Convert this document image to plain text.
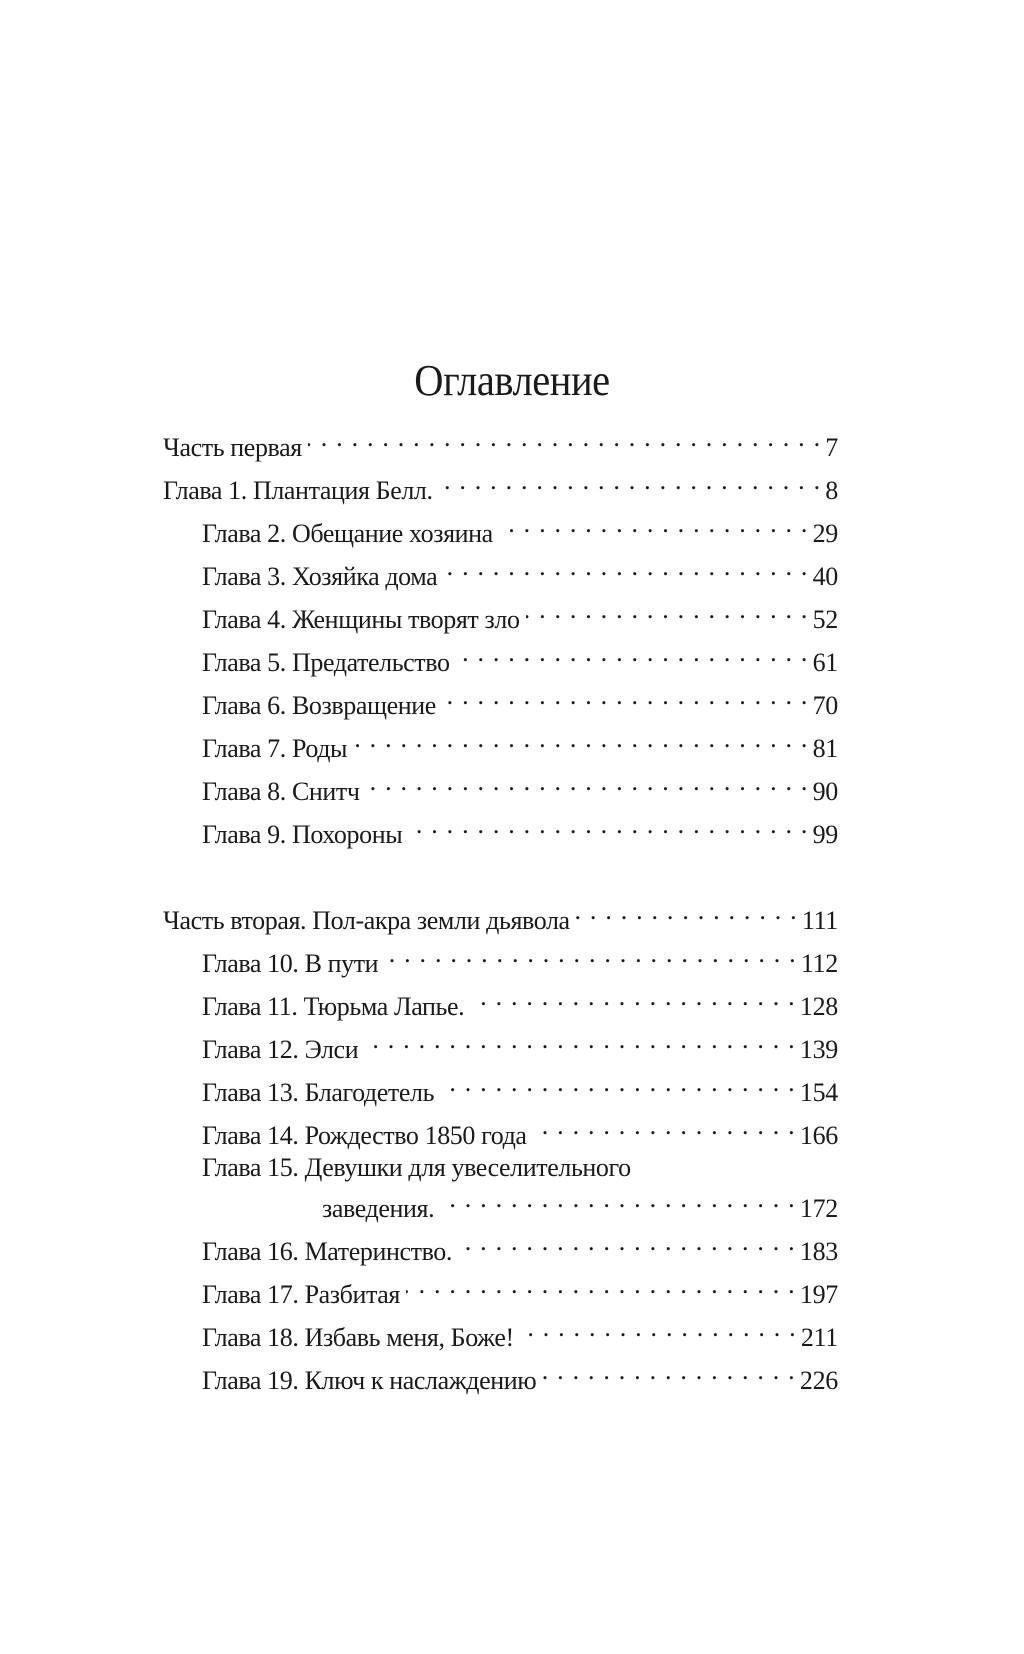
Оглавление
Часть первая . . .	7
Глава 1. Плантация Белл. . . .	8
Глава 2. Обещание хозяина . . .	29
Глава 3. Хозяйка дома . . .	40
Глава 4. Женщины творят зло . . .	52
Глава 5. Предательство . . .	61
Глава 6. Возвращение . . .	70
Глава 7. Роды . . .	81
Глава 8. Снитч . . .	90
Глава 9. Похороны . . .	99
Часть вторая. Пол-акра земли дьявола . . .	111
Глава 10. В пути . . .	112
Глава 11. Тюрьма Лапье. . . .	128
Глава 12. Элси . . .	139
Глава 13. Благодетель . . .	154
Глава 14. Рождество 1850 года . . .	166
Глава 15. Девушки для увеселительного
заведения. . . .	172
Глава 16. Материнство. . . .	183
Глава 17. Разбитая . . .	197
Глава 18. Избавь меня, Боже! . . .	211
Глава 19. Ключ к наслаждению . . .	226
